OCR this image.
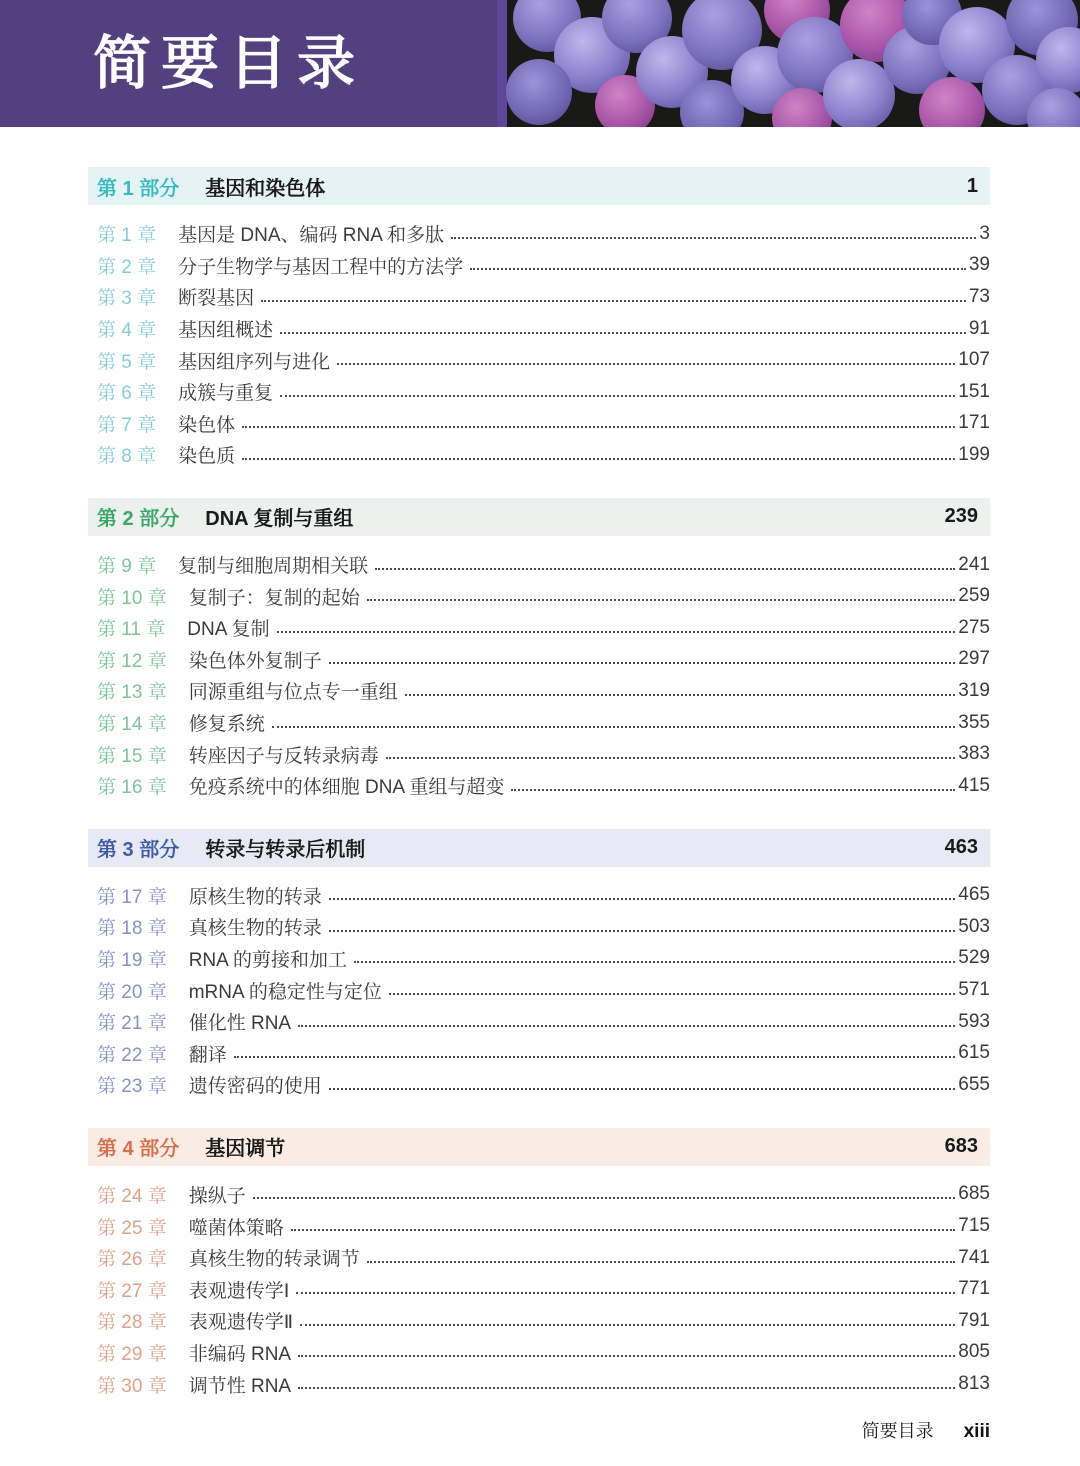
简要目录
第 1 部分 基因和染色体	1
第 1 章 基因是 DNA、编码 RNA 和多肽	3
第 2 章 分子生物学与基因工程中的方法学	39
第 3 章 断裂基因	73
第 4 章 基因组概述	91
第 5 章 基因组序列与进化	107
第 6 章 成簇与重复	151
第 7 章 染色体	171
第 8 章 染色质	199
第 2 部分 DNA 复制与重组	239
第 9 章 复制与细胞周期相关联	241
第 10 章 复制子：复制的起始	259
第 11 章 DNA 复制	275
第 12 章 染色体外复制子	297
第 13 章 同源重组与位点专一重组	319
第 14 章 修复系统	355
第 15 章 转座因子与反转录病毒	383
第 16 章 免疫系统中的体细胞 DNA 重组与超变	415
第 3 部分 转录与转录后机制	463
第 17 章 原核生物的转录	465
第 18 章 真核生物的转录	503
第 19 章 RNA 的剪接和加工	529
第 20 章 mRNA 的稳定性与定位	571
第 21 章 催化性 RNA	593
第 22 章 翻译	615
第 23 章 遗传密码的使用	655
第 4 部分 基因调节	683
第 24 章 操纵子	685
第 25 章 噬菌体策略	715
第 26 章 真核生物的转录调节	741
第 27 章 表观遗传学Ⅰ	771
第 28 章 表观遗传学Ⅱ	791
第 29 章 非编码 RNA	805
第 30 章 调节性 RNA	813
简要目录 xiii
